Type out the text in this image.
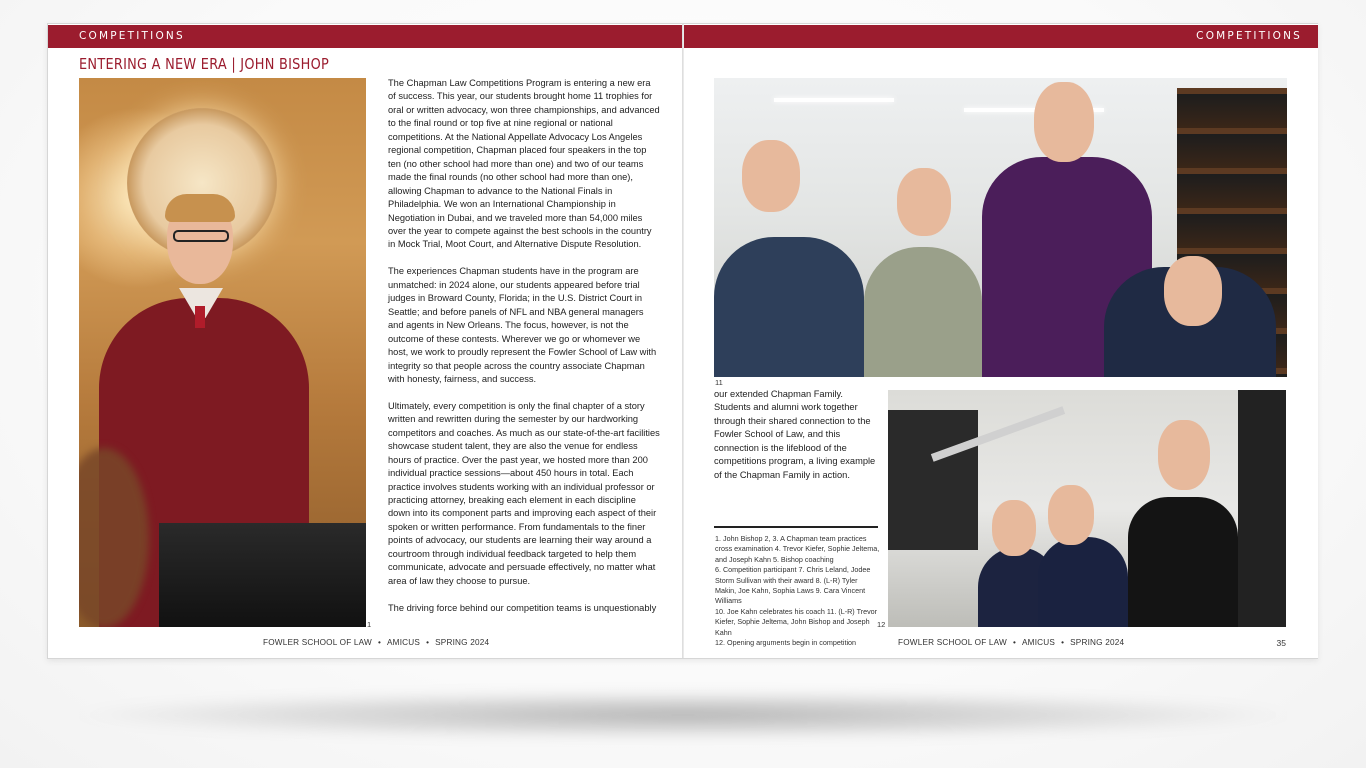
COMPETITIONS
ENTERING A NEW ERA | JOHN BISHOP
1

The Chapman Law Competitions Program is entering a new era of success. This year, our students brought home 11 trophies for oral or written advocacy, won three championships, and advanced to the final round or top five at nine regional or national competitions. At the National Appellate Advocacy Los Angeles regional competition, Chapman placed four speakers in the top ten (no other school had more than one) and two of our teams made the final rounds (no other school had more than one), allowing Chapman to advance to the National Finals in Philadelphia. We won an International Championship in Negotiation in Dubai, and we traveled more than 54,000 miles over the year to compete against the best schools in the country in Mock Trial, Moot Court, and Alternative Dispute Resolution.

The experiences Chapman students have in the program are unmatched: in 2024 alone, our students appeared before trial judges in Broward County, Florida; in the U.S. District Court in Seattle; and before panels of NFL and NBA general managers and agents in New Orleans. The focus, however, is not the outcome of these contests. Wherever we go or whomever we host, we work to proudly represent the Fowler School of Law with integrity so that people across the country associate Chapman with honesty, fairness, and success.

Ultimately, every competition is only the final chapter of a story written and rewritten during the semester by our hardworking competitors and coaches. As much as our state-of-the-art facilities showcase student talent, they are also the venue for endless hours of practice. Over the past year, we hosted more than 200 individual practice sessions—about 450 hours in total. Each practice involves students working with an individual professor or practicing attorney, breaking each element in each discipline down into its component parts and improving each aspect of their spoken or written performance. From fundamentals to the finer points of advocacy, our students are learning their way around a courtroom through individual feedback targeted to help them communicate, advocate and persuade effectively, no matter what area of law they choose to pursue.

The driving force behind our competition teams is unquestionably

FOWLER SCHOOL OF LAW • AMICUS • SPRING 2024
COMPETITIONS
11
our extended Chapman Family. Students and alumni work together through their shared connection to the Fowler School of Law, and this connection is the lifeblood of the competitions program, a living example of the Chapman Family in action.
1. John Bishop 2, 3. A Chapman team practices cross examination 4. Trevor Kiefer, Sophie Jeltema, and Joseph Kahn 5. Bishop coaching
6. Competition participant 7. Chris Leland, Jodee Storm Sullivan with their award 8. (L-R) Tyler Makin, Joe Kahn, Sophia Laws 9. Cara Vincent Williams
10. Joe Kahn celebrates his coach 11. (L-R) Trevor Kiefer, Sophie Jeltema, John Bishop and Joseph Kahn
12. Opening arguments begin in competition
12
FOWLER SCHOOL OF LAW • AMICUS • SPRING 2024	35
